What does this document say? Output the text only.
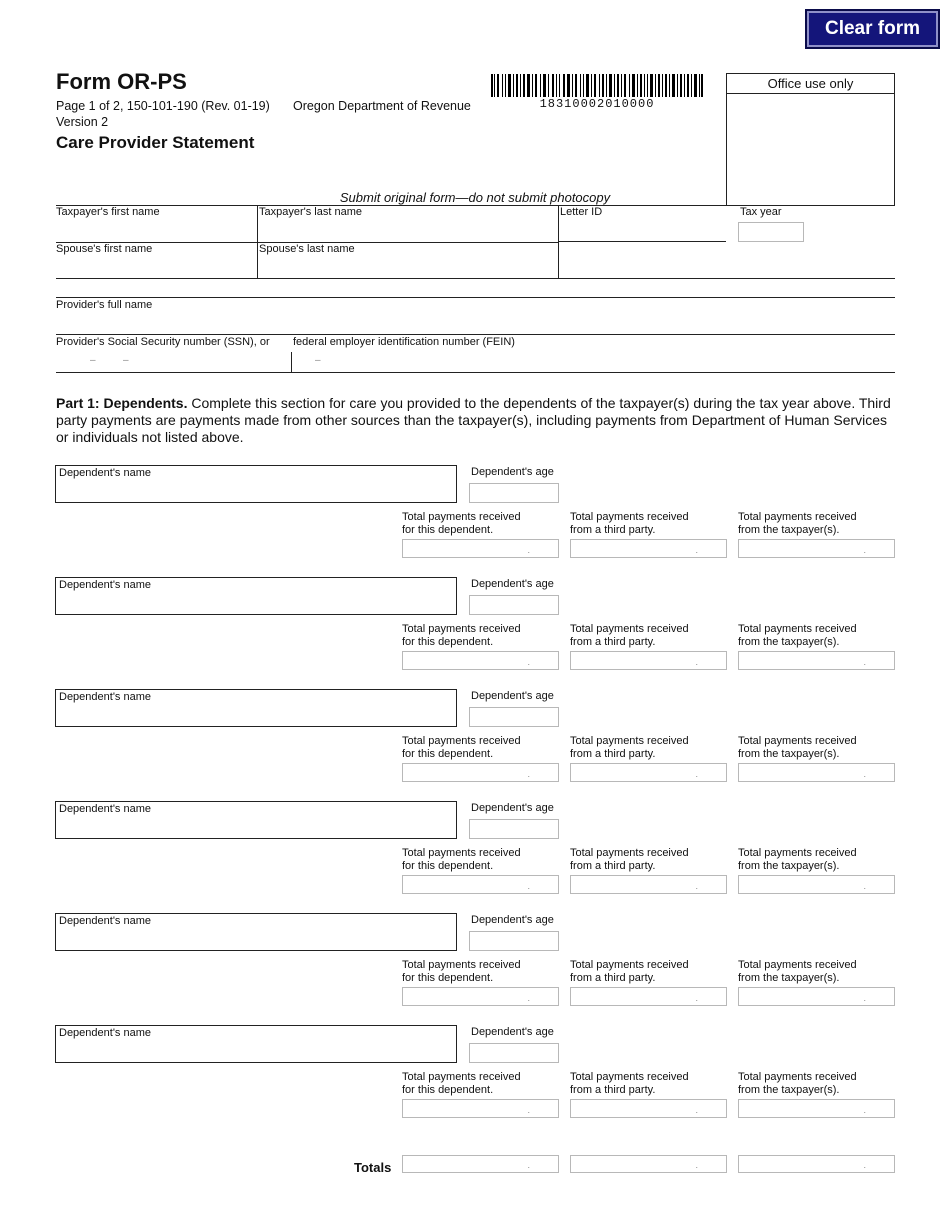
Clear form
Form OR-PS
Page 1 of 2, 150-101-190 (Rev. 01-19)
Version 2
Oregon Department of Revenue
Care Provider Statement
18310002010000
Office use only
Submit original form—do not submit photocopy
Taxpayer's first name	Taxpayer's last name	Letter ID	Tax year
Spouse's first name	Spouse's last name
Provider's full name
Provider's Social Security number (SSN), or federal employer identification number (FEIN)
–	–	–
Part 1: Dependents. Complete this section for care you provided to the dependents of the taxpayer(s) during the tax year above. Third party payments are payments made from other sources than the taxpayer(s), including payments from Department of Human Services or individuals not listed above.
Dependent's name	Dependent's age
Total payments received
for this dependent.
.
Total payments received
from a third party.
.
Total payments received
from the taxpayer(s).
.
Dependent's name	Dependent's age
Total payments received
for this dependent.
.
Total payments received
from a third party.
.
Total payments received
from the taxpayer(s).
.
Dependent's name	Dependent's age
Total payments received
for this dependent.
.
Total payments received
from a third party.
.
Total payments received
from the taxpayer(s).
.
Dependent's name	Dependent's age
Total payments received
for this dependent.
.
Total payments received
from a third party.
.
Total payments received
from the taxpayer(s).
.
Dependent's name	Dependent's age
Total payments received
for this dependent.
.
Total payments received
from a third party.
.
Total payments received
from the taxpayer(s).
.
Dependent's name	Dependent's age
Total payments received
for this dependent.
.
Total payments received
from a third party.
.
Total payments received
from the taxpayer(s).
.
Totals	.	.	.
